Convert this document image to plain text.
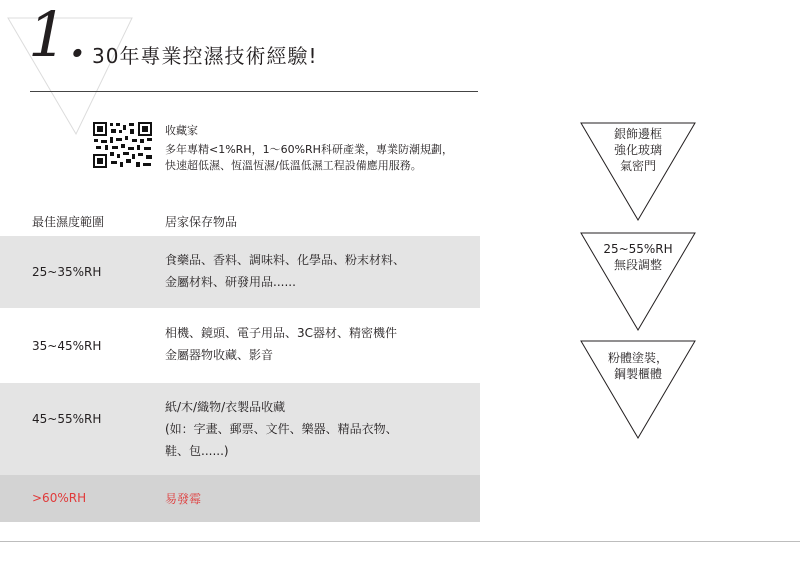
1. 30年專業控濕技術經驗!
收藏家
多年專精<1%RH，1～60%RH科研產業，專業防潮規劃，
快速超低濕、恆溫恆濕/低溫低濕工程設備應用服務。
最佳濕度範圍	居家保存物品
25~35%RH
食藥品、香料、調味料、化學品、粉末材料、
金屬材料、研發用品......
35~45%RH
相機、鏡頭、電子用品、3C器材、精密機件
金屬器物收藏、影音
45~55%RH
紙/木/織物/衣製品收藏
(如：字畫、郵票、文件、樂器、精品衣物、
鞋、包......)
>60%RH	易發霉
銀飾邊框
強化玻璃
氣密門
25~55%RH
無段調整
粉體塗裝，
鋼製櫃體
